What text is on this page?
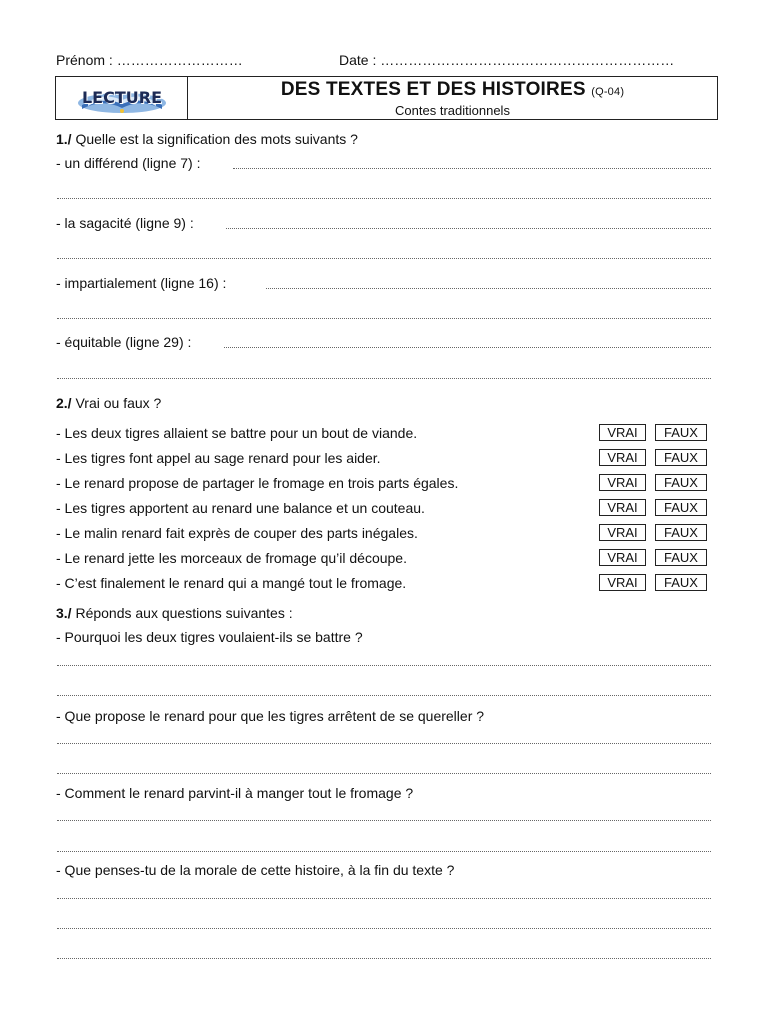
Prénom : ………………………	Date : ………………………………………………………
LECTURE	DES TEXTES ET DES HISTOIRES (Q-04)
Contes traditionnels
1./ Quelle est la signification des mots suivants ?
- un différend (ligne 7) :
- la sagacité (ligne 9) :
- impartialement (ligne 16) :
- équitable (ligne 29) :
2./ Vrai ou faux ?
- Les deux tigres allaient se battre pour un bout de viande.	VRAI	FAUX
- Les tigres font appel au sage renard pour les aider.	VRAI	FAUX
- Le renard propose de partager le fromage en trois parts égales.	VRAI	FAUX
- Les tigres apportent au renard une balance et un couteau.	VRAI	FAUX
- Le malin renard fait exprès de couper des parts inégales.	VRAI	FAUX
- Le renard jette les morceaux de fromage qu’il découpe.	VRAI	FAUX
- C’est finalement le renard qui a mangé tout le fromage.	VRAI	FAUX
3./ Réponds aux questions suivantes :
- Pourquoi les deux tigres voulaient-ils se battre ?
- Que propose le renard pour que les tigres arrêtent de se quereller ?
- Comment le renard parvint-il à manger tout le fromage ?
- Que penses-tu de la morale de cette histoire, à la fin du texte ?
